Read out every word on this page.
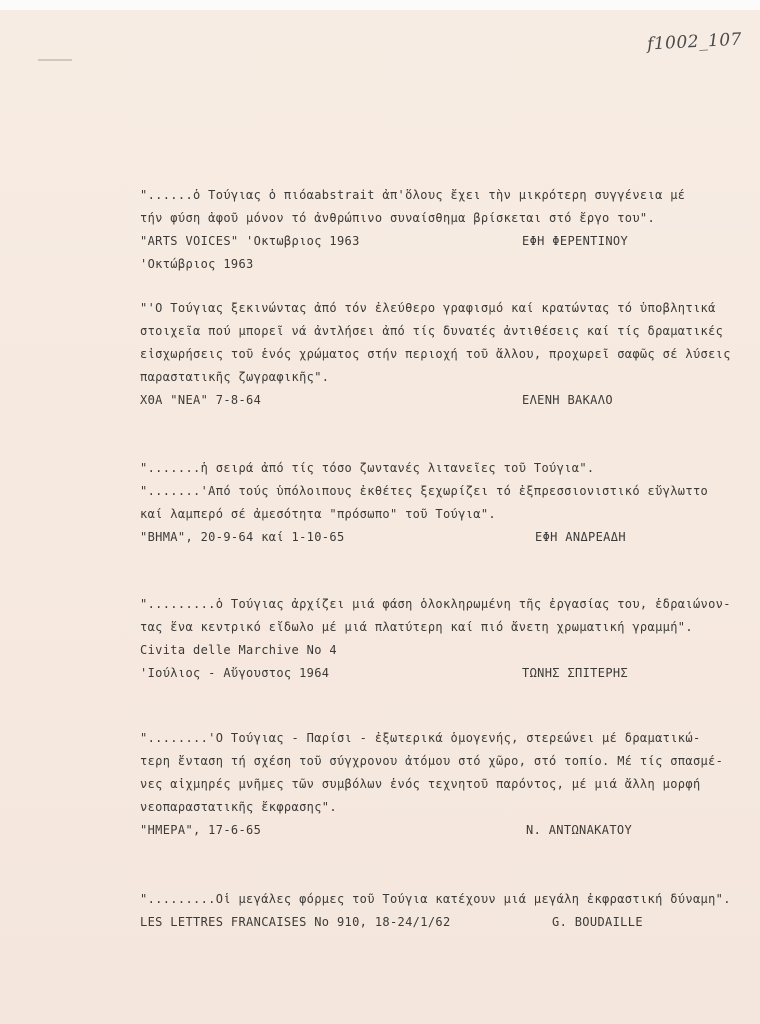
f1002_107
"......ὁ Τούγιας ὁ πιόαabstrait ἀπ'ὅλους ἔχει τὴν μικρότερη συγγένεια μέ
τήν φύση ἀφοῦ μόνον τό ἀνθρώπινο συναίσθημα βρίσκεται στό ἔργο του".
"ARTS VOICES" 'Οκτωβριος 1963	ΕΦΗ ΦΕΡΕΝΤΙΝΟΥ
'Οκτώβριος 1963
"'Ο Τούγιας ξεκινώντας ἀπό τόν ἐλεύθερο γραφισμό καί κρατώντας τό ὑποβλητικά
στοιχεῖα πού μπορεῖ νά ἀντλήσει ἀπό τίς δυνατές ἀντιθέσεις καί τίς δραματικές
εἰσχωρήσεις τοῦ ἑνός χρώματος στήν περιοχή τοῦ ἄλλου, προχωρεῖ σαφῶς σέ λύσεις
παραστατικῆς ζωγραφικῆς".
ΧΘΑ "ΝΕΑ" 7-8-64	ΕΛΕΝΗ ΒΑΚΑΛΟ
".......ἡ σειρά ἀπό τίς τόσο ζωντανές λιτανεῖες τοῦ Τούγια".
".......'Από τούς ὑπόλοιπους ἐκθέτες ξεχωρίζει τό ἐξπρεσσιονιστικό εὔγλωττο
καί λαμπερό σέ ἀμεσότητα "πρόσωπο" τοῦ Τούγια".
"ΒΗΜΑ", 20-9-64 καί 1-10-65	ΕΦΗ ΑΝΔΡΕΑΔΗ
".........ὁ Τούγιας ἀρχίζει μιά φάση ὁλοκληρωμένη τῆς ἐργασίας του, ἑδραιώνον-
τας ἕνα κεντρικό εἴδωλο μέ μιά πλατύτερη καί πιό ἄνετη χρωματική γραμμή".
Civita delle Marchive No 4
'Ιούλιος - Αὔγουστος 1964	ΤΩΝΗΣ ΣΠΙΤΕΡΗΣ
"........'Ο Τούγιας - Παρίσι - ἐξωτερικά ὁμογενής, στερεώνει μέ δραματικώ-
τερη ἔνταση τή σχέση τοῦ σύγχρονου ἀτόμου στό χῶρο, στό τοπίο. Μέ τίς σπασμέ-
νες αἰχμηρές μνῆμες τῶν συμβόλων ἑνός τεχνητοῦ παρόντος, μέ μιά ἄλλη μορφή
νεοπαραστατικῆς ἔκφρασης".
"ΗΜΕΡΑ", 17-6-65	Ν. ΑΝΤΩΝΑΚΑΤΟΥ
".........Οἱ μεγάλες φόρμες τοῦ Τούγια κατέχουν μιά μεγάλη ἐκφραστική δύναμη".
LES LETTRES FRANCAISES No 910, 18-24/1/62	G. BOUDAILLE
